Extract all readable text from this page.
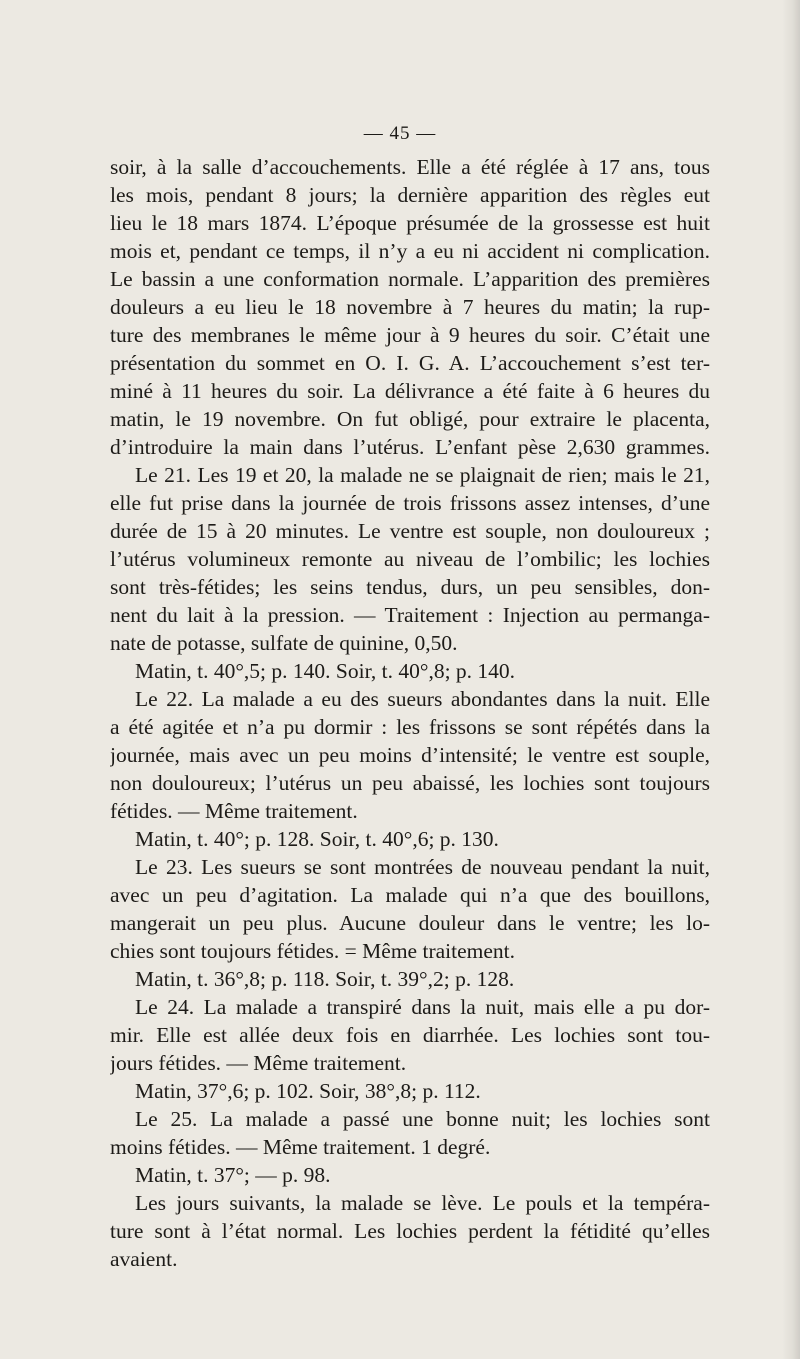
— 45 —
soir, à la salle d’accouchements. Elle a été réglée à 17 ans, tous
les mois, pendant 8 jours; la dernière apparition des règles eut
lieu le 18 mars 1874. L’époque présumée de la grossesse est huit
mois et, pendant ce temps, il n’y a eu ni accident ni complication.
Le bassin a une conformation normale. L’apparition des premières
douleurs a eu lieu le 18 novembre à 7 heures du matin; la rup-
ture des membranes le même jour à 9 heures du soir. C’était une
présentation du sommet en O. I. G. A. L’accouchement s’est ter-
miné à 11 heures du soir. La délivrance a été faite à 6 heures du
matin, le 19 novembre. On fut obligé, pour extraire le placenta,
d’introduire la main dans l’utérus. L’enfant pèse 2,630 grammes.
Le 21. Les 19 et 20, la malade ne se plaignait de rien; mais le 21,
elle fut prise dans la journée de trois frissons assez intenses, d’une
durée de 15 à 20 minutes. Le ventre est souple, non douloureux ;
l’utérus volumineux remonte au niveau de l’ombilic; les lochies
sont très-fétides; les seins tendus, durs, un peu sensibles, don-
nent du lait à la pression. — Traitement : Injection au permanga-
nate de potasse, sulfate de quinine, 0,50.
Matin, t. 40°,5; p. 140. Soir, t. 40°,8; p. 140.
Le 22. La malade a eu des sueurs abondantes dans la nuit. Elle
a été agitée et n’a pu dormir : les frissons se sont répétés dans la
journée, mais avec un peu moins d’intensité; le ventre est souple,
non douloureux; l’utérus un peu abaissé, les lochies sont toujours
fétides. — Même traitement.
Matin, t. 40°; p. 128. Soir, t. 40°,6; p. 130.
Le 23. Les sueurs se sont montrées de nouveau pendant la nuit,
avec un peu d’agitation. La malade qui n’a que des bouillons,
mangerait un peu plus. Aucune douleur dans le ventre; les lo-
chies sont toujours fétides. = Même traitement.
Matin, t. 36°,8; p. 118. Soir, t. 39°,2; p. 128.
Le 24. La malade a transpiré dans la nuit, mais elle a pu dor-
mir. Elle est allée deux fois en diarrhée. Les lochies sont tou-
jours fétides. — Même traitement.
Matin, 37°,6; p. 102. Soir, 38°,8; p. 112.
Le 25. La malade a passé une bonne nuit; les lochies sont
moins fétides. — Même traitement. 1 degré.
Matin, t. 37°; — p. 98.
Les jours suivants, la malade se lève. Le pouls et la tempéra-
ture sont à l’état normal. Les lochies perdent la fétidité qu’elles
avaient.
